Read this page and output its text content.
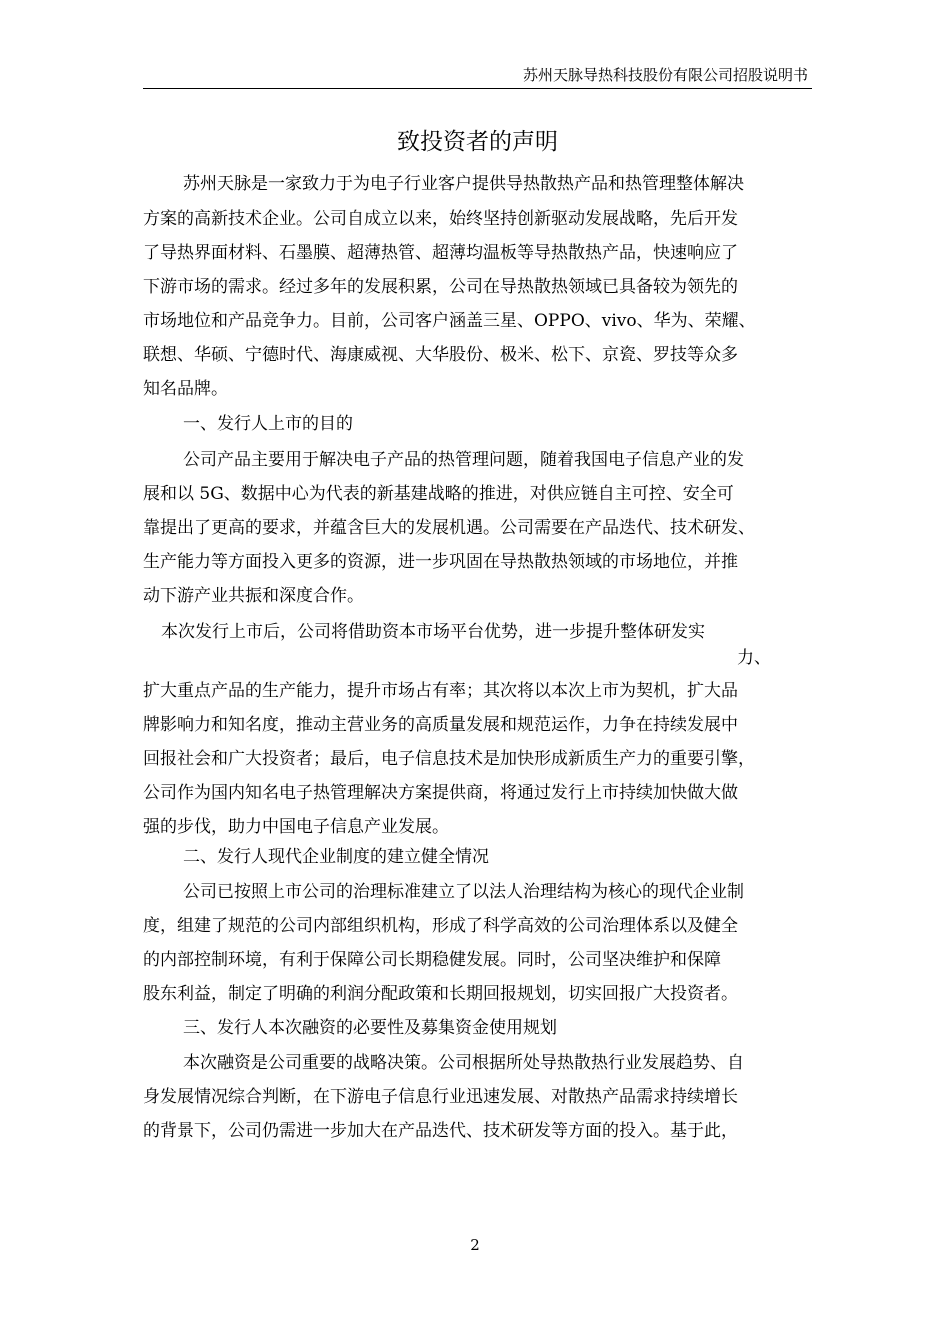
苏州天脉导热科技股份有限公司招股说明书
致投资者的声明
苏州天脉是一家致力于为电子行业客户提供导热散热产品和热管理整体解决
方案的高新技术企业。公司自成立以来，始终坚持创新驱动发展战略，先后开发
了导热界面材料、石墨膜、超薄热管、超薄均温板等导热散热产品，快速响应了
下游市场的需求。经过多年的发展积累，公司在导热散热领域已具备较为领先的
市场地位和产品竞争力。目前，公司客户涵盖三星、OPPO、vivo、华为、荣耀、
联想、华硕、宁德时代、海康威视、大华股份、极米、松下、京瓷、罗技等众多
知名品牌。
一、发行人上市的目的
公司产品主要用于解决电子产品的热管理问题，随着我国电子信息产业的发
展和以 5G、数据中心为代表的新基建战略的推进，对供应链自主可控、安全可
靠提出了更高的要求，并蕴含巨大的发展机遇。公司需要在产品迭代、技术研发、
生产能力等方面投入更多的资源，进一步巩固在导热散热领域的市场地位，并推
动下游产业共振和深度合作。
本次发行上市后，公司将借助资本市场平台优势，进一步提升整体研发实
力、
扩大重点产品的生产能力，提升市场占有率；其次将以本次上市为契机，扩大品
牌影响力和知名度，推动主营业务的高质量发展和规范运作，力争在持续发展中
回报社会和广大投资者；最后，电子信息技术是加快形成新质生产力的重要引擎，
公司作为国内知名电子热管理解决方案提供商，将通过发行上市持续加快做大做
强的步伐，助力中国电子信息产业发展。
二、发行人现代企业制度的建立健全情况
公司已按照上市公司的治理标准建立了以法人治理结构为核心的现代企业制
度，组建了规范的公司内部组织机构，形成了科学高效的公司治理体系以及健全
的内部控制环境，有利于保障公司长期稳健发展。同时，公司坚决维护和保障
股东利益，制定了明确的利润分配政策和长期回报规划，切实回报广大投资者。
三、发行人本次融资的必要性及募集资金使用规划
本次融资是公司重要的战略决策。公司根据所处导热散热行业发展趋势、自
身发展情况综合判断，在下游电子信息行业迅速发展、对散热产品需求持续增长
的背景下，公司仍需进一步加大在产品迭代、技术研发等方面的投入。基于此，
2
